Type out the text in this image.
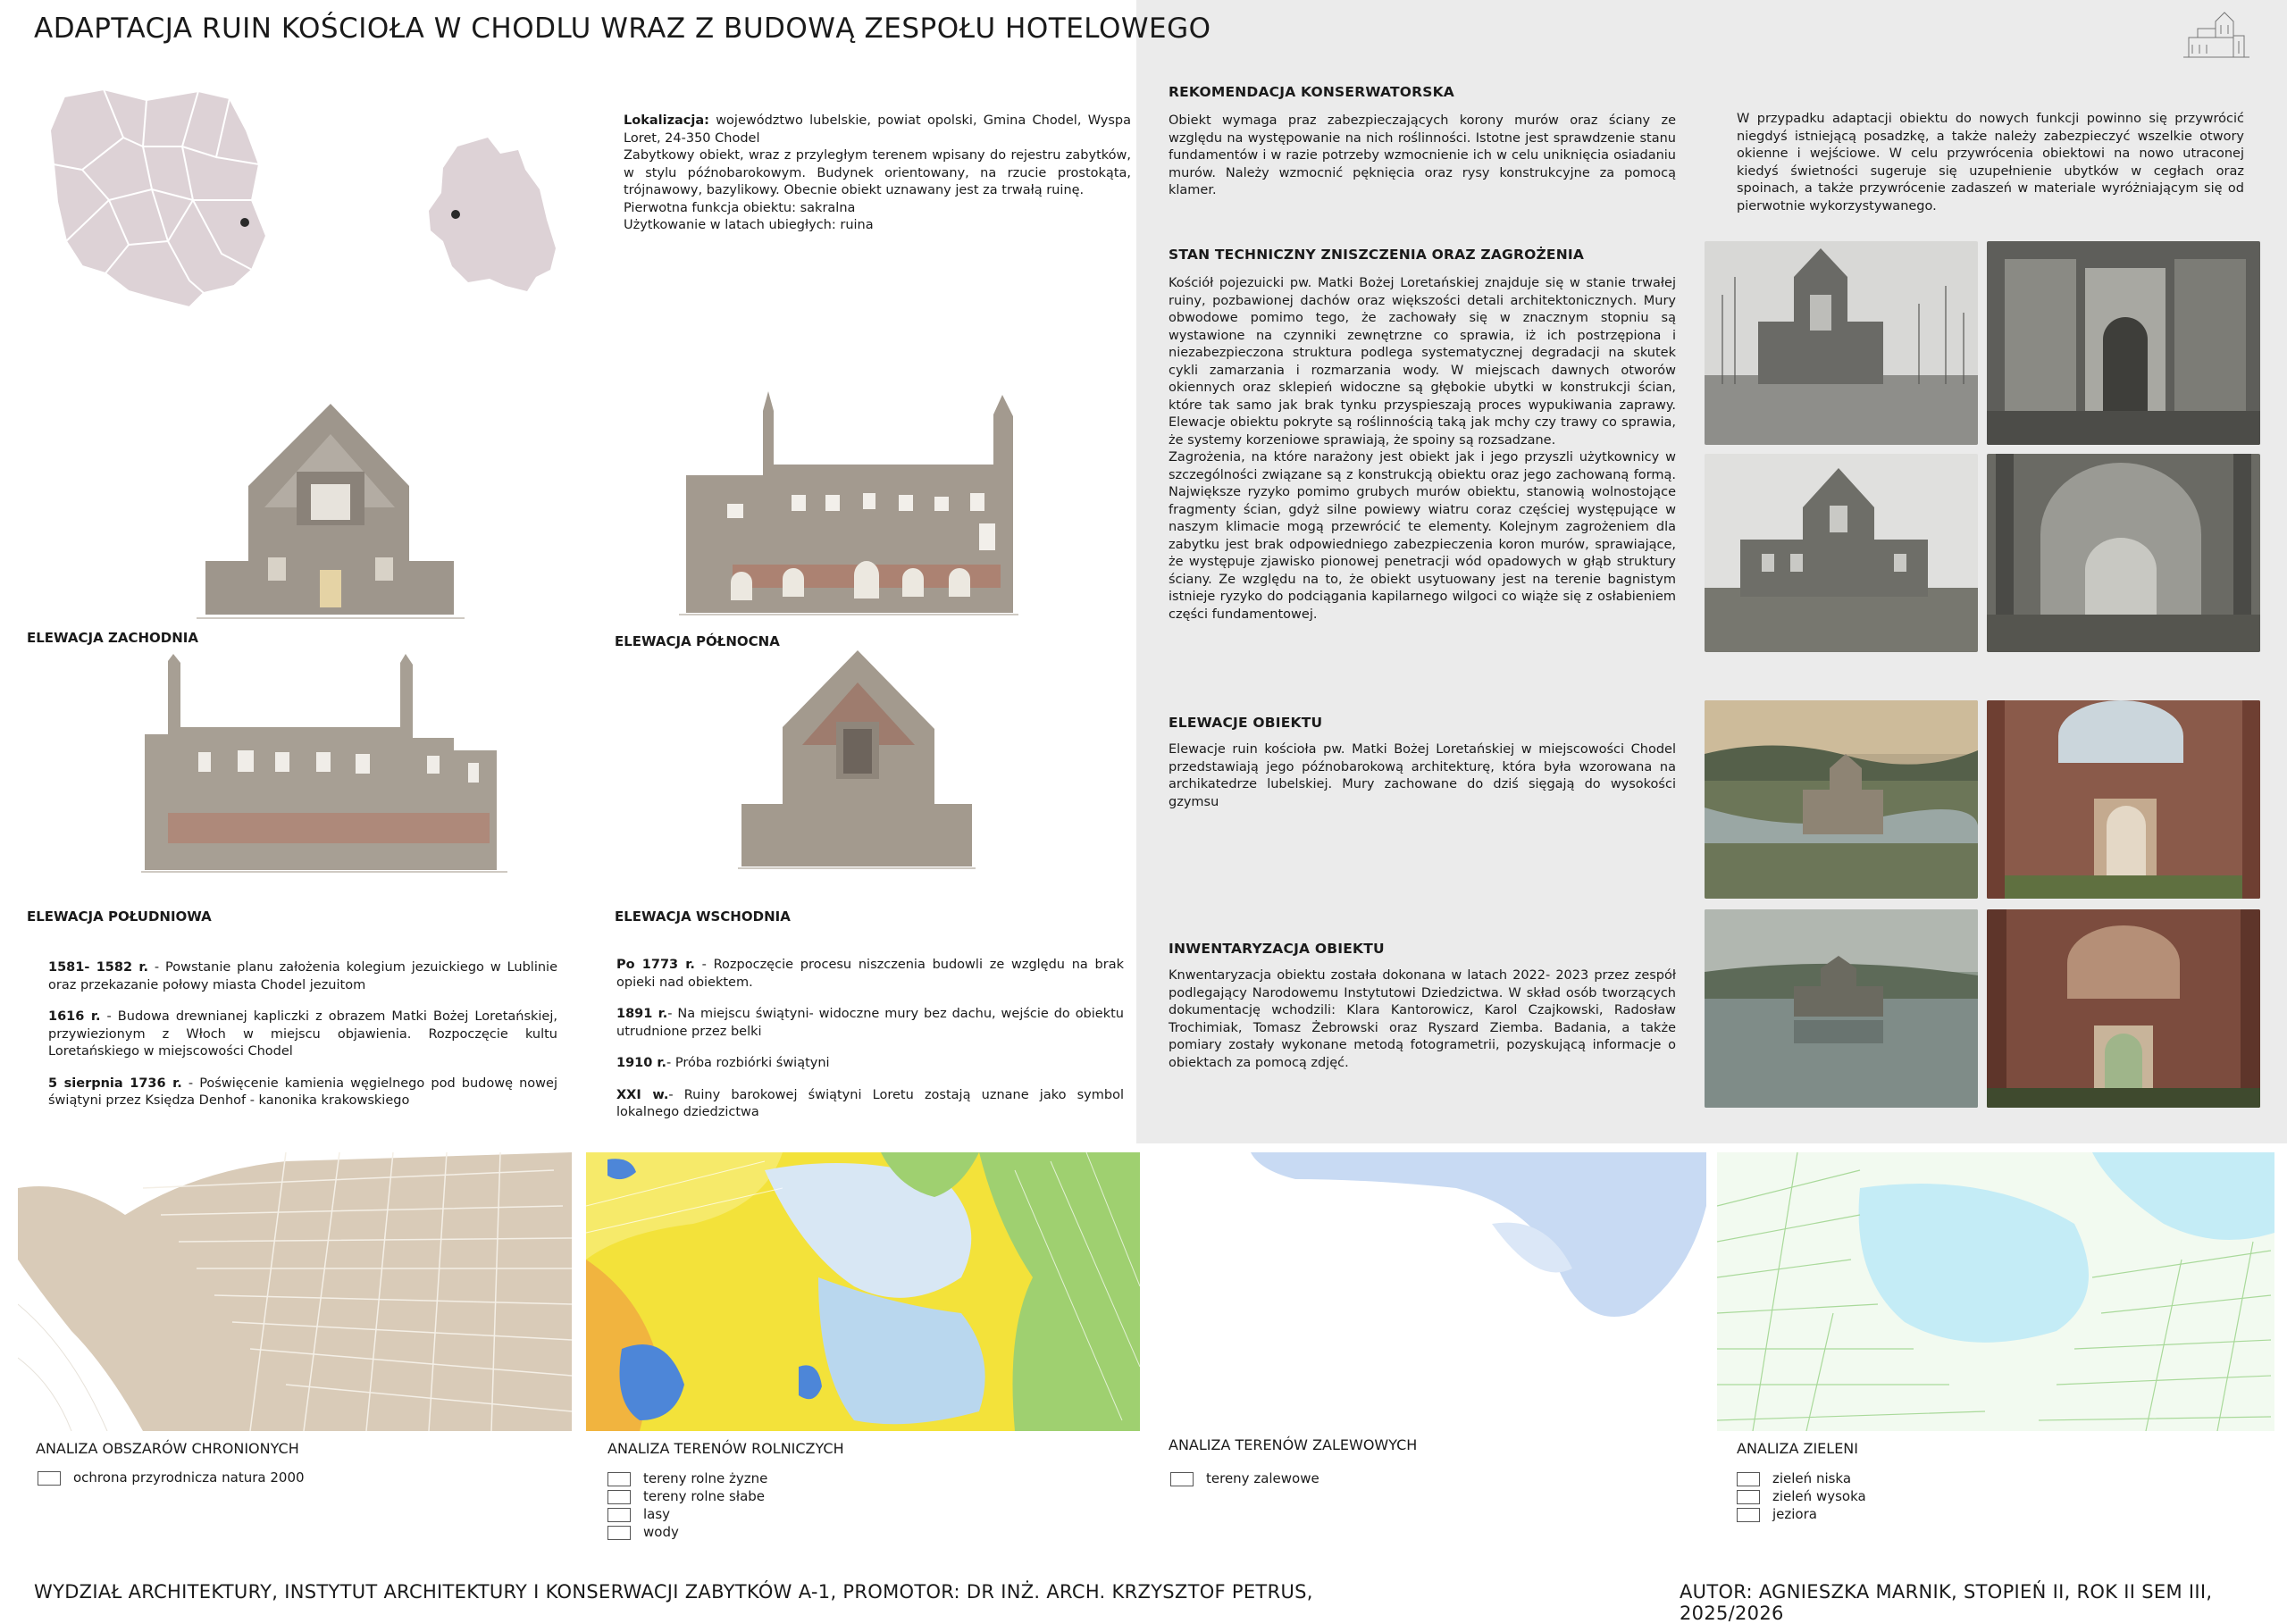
ADAPTACJA RUIN KOŚCIOŁA W CHODLU WRAZ Z BUDOWĄ ZESPOŁU HOTELOWEGO
Lokalizacja: województwo lubelskie, powiat opolski, Gmina Chodel, Wyspa Loret, 24-350 Chodel
Zabytkowy obiekt, wraz z przyległym terenem wpisany do rejestru zabytków, w stylu późnobarokowym. Budynek orientowany, na rzucie prostokąta, trójnawowy, bazylikowy. Obecnie obiekt uznawany jest za trwałą ruinę.
Pierwotna funkcja obiektu: sakralna
Użytkowanie w latach ubiegłych: ruina
ELEWACJA ZACHODNIA	ELEWACJA PÓŁNOCNA
ELEWACJA POŁUDNIOWA	ELEWACJA WSCHODNIA

1581- 1582 r. - Powstanie planu założenia kolegium jezuickiego w Lublinie oraz przekazanie połowy miasta Chodel jezuitom

1616 r. - Budowa drewnianej kapliczki z obrazem Matki Bożej Loretańskiej, przywiezionym z Włoch w miejscu objawienia. Rozpoczęcie kultu Loretańskiego w miejscowości Chodel

5 sierpnia 1736 r. - Poświęcenie kamienia węgielnego pod budowę nowej świątyni przez Księdza Denhof - kanonika krakowskiego

Po 1773 r. - Rozpoczęcie procesu niszczenia budowli ze względu na brak opieki nad obiektem.

1891 r.- Na miejscu świątyni- widoczne mury bez dachu, wejście do obiektu utrudnione przez belki

1910 r.- Próba rozbiórki świątyni

XXI w.- Ruiny barokowej świątyni Loretu zostają uznane jako symbol lokalnego dziedzictwa

REKOMENDACJA KONSERWATORSKA
Obiekt wymaga praz zabezpieczających korony murów oraz ściany ze względu na występowanie na nich roślinności. Istotne jest sprawdzenie stanu fundamentów i w razie potrzeby wzmocnienie ich w celu uniknięcia osiadaniu murów. Należy wzmocnić pęknięcia oraz rysy konstrukcyjne za pomocą klamer.
W przypadku adaptacji obiektu do nowych funkcji powinno się przywrócić niegdyś istniejącą posadzkę, a także należy zabezpieczyć wszelkie otwory okienne i wejściowe. W celu przywrócenia obiektowi na nowo utraconej kiedyś świetności sugeruje się uzupełnienie ubytków w cegłach oraz spoinach, a także przywrócenie zadaszeń w materiale wyróżniającym się od pierwotnie wykorzystywanego.
STAN TECHNICZNY ZNISZCZENIA ORAZ ZAGROŻENIA
Kościół pojezuicki pw. Matki Bożej Loretańskiej znajduje się w stanie trwałej ruiny, pozbawionej dachów oraz większości detali architektonicznych. Mury obwodowe pomimo tego, że zachowały się w znacznym stopniu są wystawione na czynniki zewnętrzne co sprawia, iż ich postrzępiona i niezabezpieczona struktura podlega systematycznej degradacji na skutek cykli zamarzania i rozmarzania wody. W miejscach dawnych otworów okiennych oraz sklepień widoczne są głębokie ubytki w konstrukcji ścian, które tak samo jak brak tynku przyspieszają proces wypukiwania zaprawy. Elewacje obiektu pokryte są roślinnością taką jak mchy czy trawy co sprawia, że systemy korzeniowe sprawiają, że spoiny są rozsadzane.
Zagrożenia, na które narażony jest obiekt jak i jego przyszli użytkownicy w szczególności związane są z konstrukcją obiektu oraz jego zachowaną formą. Największe ryzyko pomimo grubych murów obiektu, stanowią wolnostojące fragmenty ścian, gdyż silne powiewy wiatru coraz częściej występujące w naszym klimacie mogą przewrócić te elementy. Kolejnym zagrożeniem dla zabytku jest brak odpowiedniego zabezpieczenia koron murów, sprawiające, że występuje zjawisko pionowej penetracji wód opadowych w głąb struktury ściany. Ze względu na to, że obiekt usytuowany jest na terenie bagnistym istnieje ryzyko do podciągania kapilarnego wilgoci co wiąże się z osłabieniem części fundamentowej.
ELEWACJE OBIEKTU
Elewacje ruin kościoła pw. Matki Bożej Loretańskiej w miejscowości Chodel przedstawiają jego późnobarokową architekturę, która była wzorowana na archikatedrze lubelskiej. Mury zachowane do dziś sięgają do wysokości gzymsu
INWENTARYZACJA OBIEKTU
Knwentaryzacja obiektu została dokonana w latach 2022- 2023 przez zespół podlegający Narodowemu Instytutowi Dziedzictwa. W skład osób tworzących dokumentację wchodzili: Klara Kantorowicz, Karol Czajkowski, Radosław Trochimiak, Tomasz Żebrowski oraz Ryszard Ziemba. Badania, a także pomiary zostały wykonane metodą fotogrametrii, pozyskującą informacje o obiektach za pomocą zdjęć.
ANALIZA OBSZARÓW CHRONIONYCH
ochrona przyrodnicza natura 2000
ANALIZA TERENÓW ROLNICZYCH
tereny rolne żyzne
tereny rolne słabe
lasy
wody
ANALIZA TERENÓW ZALEWOWYCH
tereny zalewowe
ANALIZA ZIELENI
zieleń niska
zieleń wysoka
jeziora
WYDZIAŁ ARCHITEKTURY, INSTYTUT ARCHITEKTURY I KONSERWACJI ZABYTKÓW A-1, PROMOTOR: DR INŻ. ARCH. KRZYSZTOF PETRUS,	AUTOR: AGNIESZKA MARNIK, STOPIEŃ II, ROK II SEM III, 2025/2026
